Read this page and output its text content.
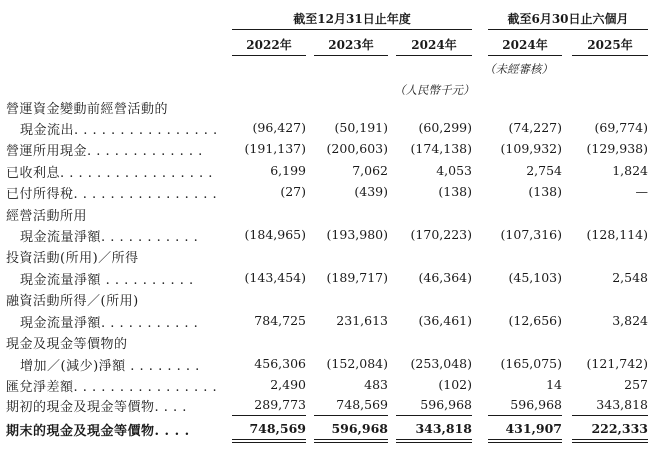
截至12月31日止年度	截至6月30日止六個月
2022年	2023年	2024年	2024年	2025年
（未經審核）
（人民幣千元）
營運資金變動前經營活動的
現金流出. . . . . . . . . . . . . . . .	(96,427) (50,191) (60,299)	(74,227)	(69,774)
營運所用現金. . . . . . . . . . . . .	(191,137) (200,603) (174,138) (109,932) (129,938)
已收利息. . . . . . . . . . . . . . . . .	6,199	7,062	4,053	2,754	1,824
已付所得稅. . . . . . . . . . . . . . . .	(27)	(439)	(138)	(138)	—
經營活動所用
現金流量淨額. . . . . . . . . . .	(184,965) (193,980) (170,223) (107,316) (128,114)
投資活動(所用)／所得
現金流量淨額 . . . . . . . . . .	(143,454) (189,717) (46,364)	(45,103)	2,548
融資活動所得／(所用)
現金流量淨額. . . . . . . . . . .	784,725 231,613 (36,461)	(12,656)	3,824
現金及現金等價物的
增加／(減少)淨額 . . . . . . . .	456,306 (152,084) (253,048) (165,075) (121,742)
匯兌淨差額. . . . . . . . . . . . . . . .	2,490	483	(102)	14	257
期初的現金及現金等價物. . . .	289,773 748,569	596,968	596,968	343,818
期末的現金及現金等價物. . . .	748,569 596,968 343,818	431,907 222,333
